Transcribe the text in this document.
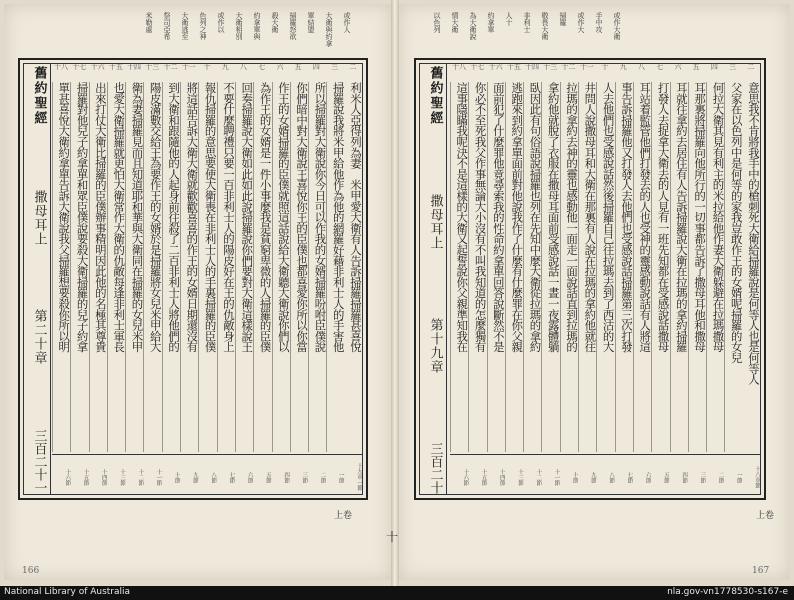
或作人
大衛與約拿
單結盟
掃羅怒欲
殺大衛
約拿單與
大衛相別
或作以
色列之神
大衛逃至
祭司亞希
米勒處	或作大衛
手中攻
或作大
掃羅
敬畏大衛
非利士
人十
約拿單
為大衛說
情大衛
以色列
舊約聖經
撒母耳上
第二十章
三百二十一
二
三
四
五
六
七
八
九
十
十一
十二
十三
十四
十五
十六
十七
十八
利米人亞得列為妻　米甲愛大衛有人告訴掃羅掃羅甚喜悅
掃羅說我將米甲給他作為他的網羅好藉非利士人的手害他
所以掃羅對大衛說你今日可以作我的女婿掃羅吩咐臣僕說
你們暗中對大衛說王喜悅你王的臣僕也都喜愛你所以你當
作王的女婿掃羅的臣僕就照這話說給大衛聽大衛說你們以
為作王的女婿是一件小事麼我是貧窮卑微的人掃羅的臣僕
回奏掃羅說大衛如此如此說掃羅說你們要對大衛這樣說王
不要什麼聘禮只要一百非利士人的陽皮好在王的仇敵身上
報仇掃羅的意思要使大衛喪在非利士人的手裏掃羅的臣僕
將這話告訴大衛大衛就歡歡喜喜的作王的女婿日期還沒有
到大衛和跟隨他的人起身前往殺了二百非利士人將他們的
陽皮滿數交給王為要作王的女婿於是掃羅將女兒米甲給大
衛為妻掃羅見而且知道耶和華與大衛同在掃羅的女兒米甲
也愛大衛掃羅就更怕大衛常作大衛的仇敵每逢非利士軍長
出來打仗大衛比掃羅的臣僕辦事精明因此他的名極其尊貴
掃羅對他兒子約拿單和眾臣僕說要殺大衛掃羅的兒子約拿
單甚喜悅大衛約拿單告訴大衛說我父掃羅想要殺你所以明
十九章一節
一節
二節
三節
四節
五節
六節
七節
八節
九節
十節
十一節
十二節
十三節
十四節
十五節
十六節
舊約聖經
撒母耳上
第十九章
三百二十
二
三
四
五
六
七
八
九
十
十一
十二
十三
十四
十五
十六
十七
十八
意思我不肯將我手中的槍刺死大衛給掃羅說是何等人也是何等人
父家在以色列中是何等的家我豈敢作王的女婿呢掃羅的女兒
何拉大衛其見有利主的米拉給他作妻大衛躲避在拉瑪撒母
耳那裏將掃羅向他所行的一切事都告訴了撒母耳他和撒母
耳就往拿約去居住有人告訴掃羅說大衛在拉瑪的拿約掃羅
打發人去捉拿大衛去的人見有一班先知都在受感說話撒母
耳站着監管他們打發去的人也受神的靈感動說話有人將這
事告訴掃羅他又打發人去他們也受感說話掃羅第三次打發
人去他們也受感說話然後掃羅自己往拉瑪去到了西沽的大
井問人說撒母耳和大衛在那裏有人說在拉瑪的拿約他就往
拉瑪的拿約去神的靈也感動他一面走一面說話直到拉瑪的
拿約他就脫了衣服在撒母耳面前受感說話一晝一夜露體躺
臥因此有句俗語說掃羅也列在先知中麼大衛從拉瑪的拿約
逃跑來到約拿單面前對他說我作了什麼有什麼罪在你父親
面前犯了什麼罪他竟尋索我的性命約拿單回答說斷然不是
你必不至死我父作事無論大小沒有不叫我知道的怎麼獨有
這事隱瞞我呢決不是這樣的大衛又起誓說你父親準知我在
十八章節
一節
二節
三節
四節
五節
六節
七節
八節
九節
十節
十一節
十二節
十三節
十四節
十五節
十六節
上卷	上卷
十
166	167
National Library of Australia	nla.gov-vn1778530-s167-e
